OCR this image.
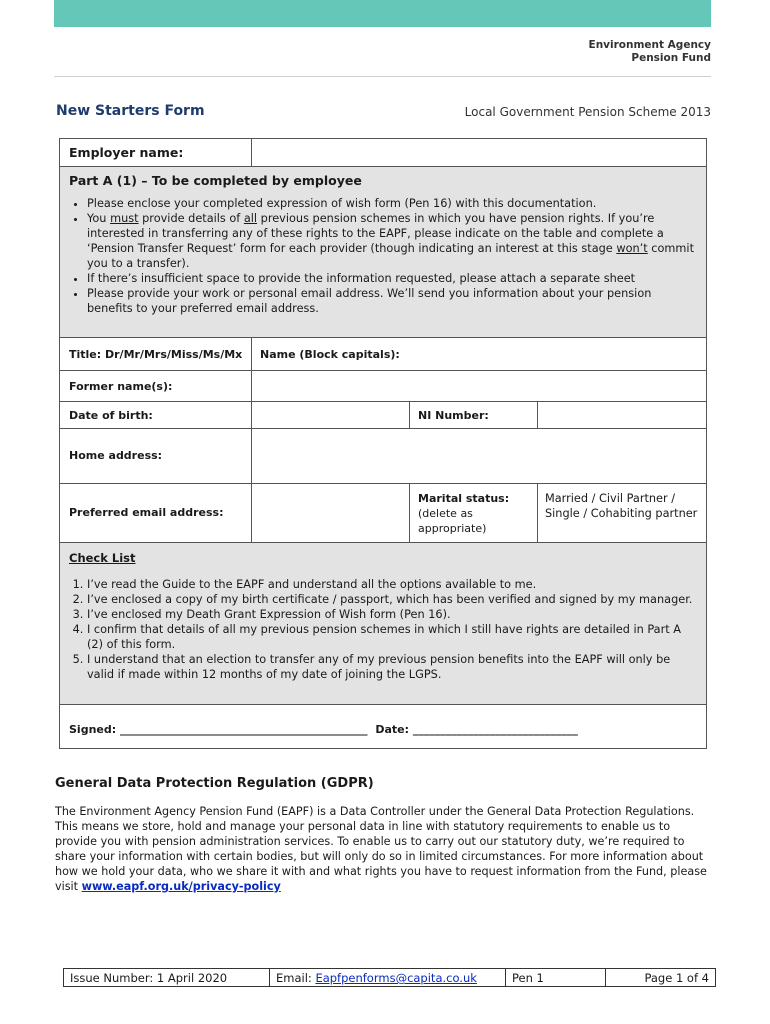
Environment Agency
Pension Fund
New Starters Form	Local Government Pension Scheme 2013
Employer name:
Part A (1) – To be completed by employee
• Please enclose your completed expression of wish form (Pen 16) with this documentation.
• You must provide details of all previous pension schemes in which you have pension rights. If you’re interested in transferring any of these rights to the EAPF, please indicate on the table and complete a ‘Pension Transfer Request’ form for each provider (though indicating an interest at this stage won’t commit you to a transfer).
• If there’s insufficient space to provide the information requested, please attach a separate sheet
• Please provide your work or personal email address. We’ll send you information about your pension benefits to your preferred email address.
Title: Dr/Mr/Mrs/Miss/Ms/Mx Name (Block capitals):
Former name(s):
Date of birth:	NI Number:
Home address:
Preferred email address:
Marital status:
(delete as appropriate)
Married / Civil Partner / Single / Cohabiting partner
Check List
1. I’ve read the Guide to the EAPF and understand all the options available to me.
2. I’ve enclosed a copy of my birth certificate / passport, which has been verified and signed by my manager.
3. I’ve enclosed my Death Grant Expression of Wish form (Pen 16).
4. I confirm that details of all my previous pension schemes in which I still have rights are detailed in Part A (2) of this form.
5. I understand that an election to transfer any of my previous pension benefits into the EAPF will only be valid if made within 12 months of my date of joining the LGPS.
Signed: _____________________________________________ Date: ______________________________
General Data Protection Regulation (GDPR)
The Environment Agency Pension Fund (EAPF) is a Data Controller under the General Data Protection Regulations. This means we store, hold and manage your personal data in line with statutory requirements to enable us to provide you with pension administration services. To enable us to carry out our statutory duty, we’re required to share your information with certain bodies, but will only do so in limited circumstances. For more information about how we hold your data, who we share it with and what rights you have to request information from the Fund, please visit www.eapf.org.uk/privacy-policy
Issue Number: 1 April 2020	Email: Eapfpenforms@capita.co.uk	Pen 1	Page 1 of 4
